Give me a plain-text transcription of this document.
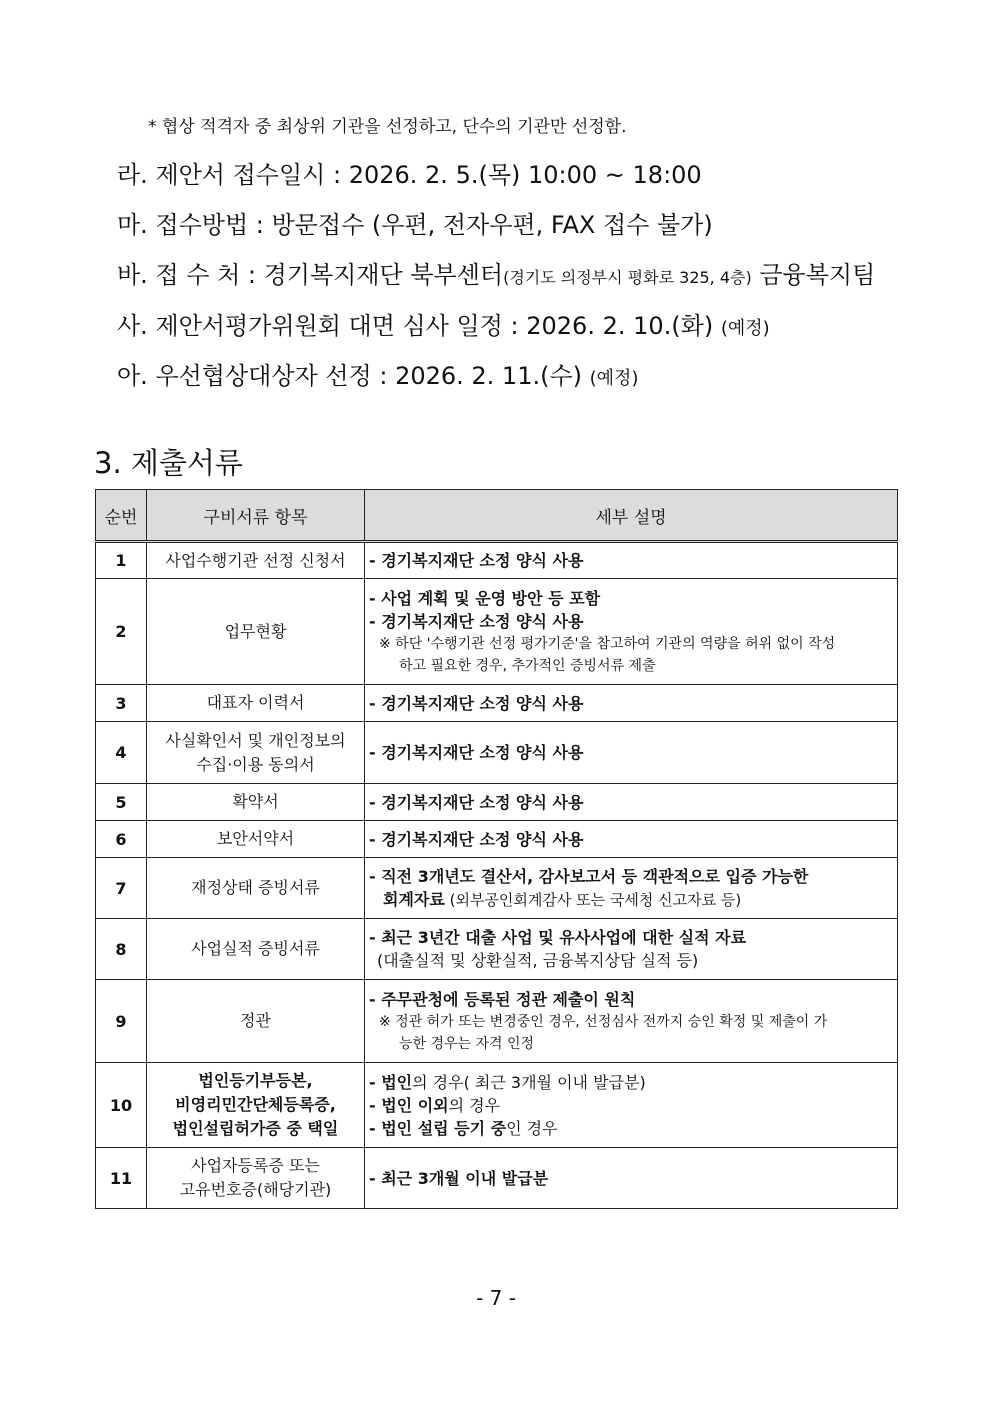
* 협상 적격자 중 최상위 기관을 선정하고, 단수의 기관만 선정함.
라. 제안서 접수일시 : 2026. 2. 5.(목) 10:00 ~ 18:00
마. 접수방법 : 방문접수 (우편, 전자우편, FAX 접수 불가)
바. 접 수 처 : 경기복지재단 북부센터(경기도 의정부시 평화로 325, 4층) 금융복지팀
사. 제안서평가위원회 대면 심사 일정 : 2026. 2. 10.(화) (예정)
아. 우선협상대상자 선정 : 2026. 2. 11.(수) (예정)
3. 제출서류
순번	구비서류 항목	세부 설명
1	사업수행기관 선정 신청서	- 경기복지재단 소정 양식 사용

2	업무현황	- 사업 계획 및 운영 방안 등 포함
- 경기복지재단 소정 양식 사용
※ 하단 '수행기관 선정 평가기준'을 참고하여 기관의 역량을 허위 없이 작성
하고 필요한 경우, 추가적인 증빙서류 제출

3	대표자 이력서	- 경기복지재단 소정 양식 사용

4	사실확인서 및 개인정보의
수집·이용 동의서	- 경기복지재단 소정 양식 사용

5	확약서	- 경기복지재단 소정 양식 사용

6	보안서약서	- 경기복지재단 소정 양식 사용

7	재정상태 증빙서류	- 직전 3개년도 결산서, 감사보고서 등 객관적으로 입증 가능한
회계자료 (외부공인회계감사 또는 국세청 신고자료 등)

8	사업실적 증빙서류	- 최근 3년간 대출 사업 및 유사사업에 대한 실적 자료
(대출실적 및 상환실적, 금융복지상담 실적 등)

9	정관	- 주무관청에 등록된 정관 제출이 원칙
※ 정관 허가 또는 변경중인 경우, 선정심사 전까지 승인 확정 및 제출이 가
능한 경우는 자격 인정

10	법인등기부등본,
비영리민간단체등록증,
법인설립허가증 중 택일	- 법인의 경우( 최근 3개월 이내 발급분)
- 법인 이외의 경우
- 법인 설립 등기 중인 경우

11	사업자등록증 또는
고유번호증(해당기관)	- 최근 3개월 이내 발급분
- 7 -
